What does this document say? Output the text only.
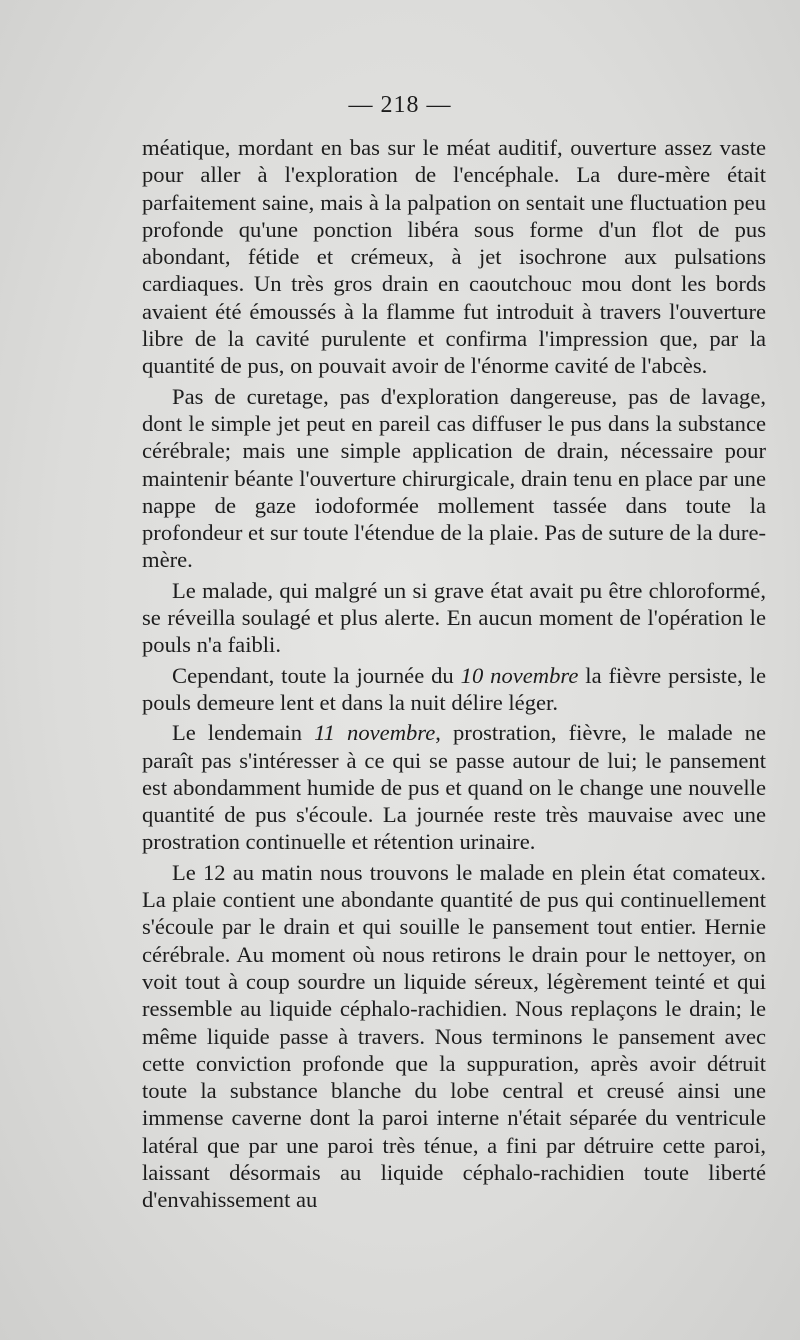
— 218 —

méatique, mordant en bas sur le méat auditif, ouverture assez vaste pour aller à l'exploration de l'encéphale. La dure-mère était parfaitement saine, mais à la palpation on sentait une fluctuation peu profonde qu'une ponction libéra sous forme d'un flot de pus abondant, fétide et crémeux, à jet isochrone aux pulsations cardiaques. Un très gros drain en caoutchouc mou dont les bords avaient été émoussés à la flamme fut introduit à travers l'ouverture libre de la cavité purulente et confirma l'impression que, par la quantité de pus, on pouvait avoir de l'énorme cavité de l'abcès.

Pas de curetage, pas d'exploration dangereuse, pas de lavage, dont le simple jet peut en pareil cas diffuser le pus dans la substance cérébrale; mais une simple application de drain, nécessaire pour maintenir béante l'ouverture chirurgicale, drain tenu en place par une nappe de gaze iodoformée mollement tassée dans toute la profondeur et sur toute l'étendue de la plaie. Pas de suture de la dure-mère.

Le malade, qui malgré un si grave état avait pu être chloroformé, se réveilla soulagé et plus alerte. En aucun moment de l'opération le pouls n'a faibli.

Cependant, toute la journée du 10 novembre la fièvre persiste, le pouls demeure lent et dans la nuit délire léger.

Le lendemain 11 novembre, prostration, fièvre, le malade ne paraît pas s'intéresser à ce qui se passe autour de lui; le pansement est abondamment humide de pus et quand on le change une nouvelle quantité de pus s'écoule. La journée reste très mauvaise avec une prostration continuelle et rétention urinaire.

Le 12 au matin nous trouvons le malade en plein état comateux. La plaie contient une abondante quantité de pus qui continuellement s'écoule par le drain et qui souille le pansement tout entier. Hernie cérébrale. Au moment où nous retirons le drain pour le nettoyer, on voit tout à coup sourdre un liquide séreux, légèrement teinté et qui ressemble au liquide céphalo-rachidien. Nous replaçons le drain; le même liquide passe à travers. Nous terminons le pansement avec cette conviction profonde que la suppuration, après avoir détruit toute la substance blanche du lobe central et creusé ainsi une immense caverne dont la paroi interne n'était séparée du ventricule latéral que par une paroi très ténue, a fini par détruire cette paroi, laissant désormais au liquide céphalo-rachidien toute liberté d'envahissement au
